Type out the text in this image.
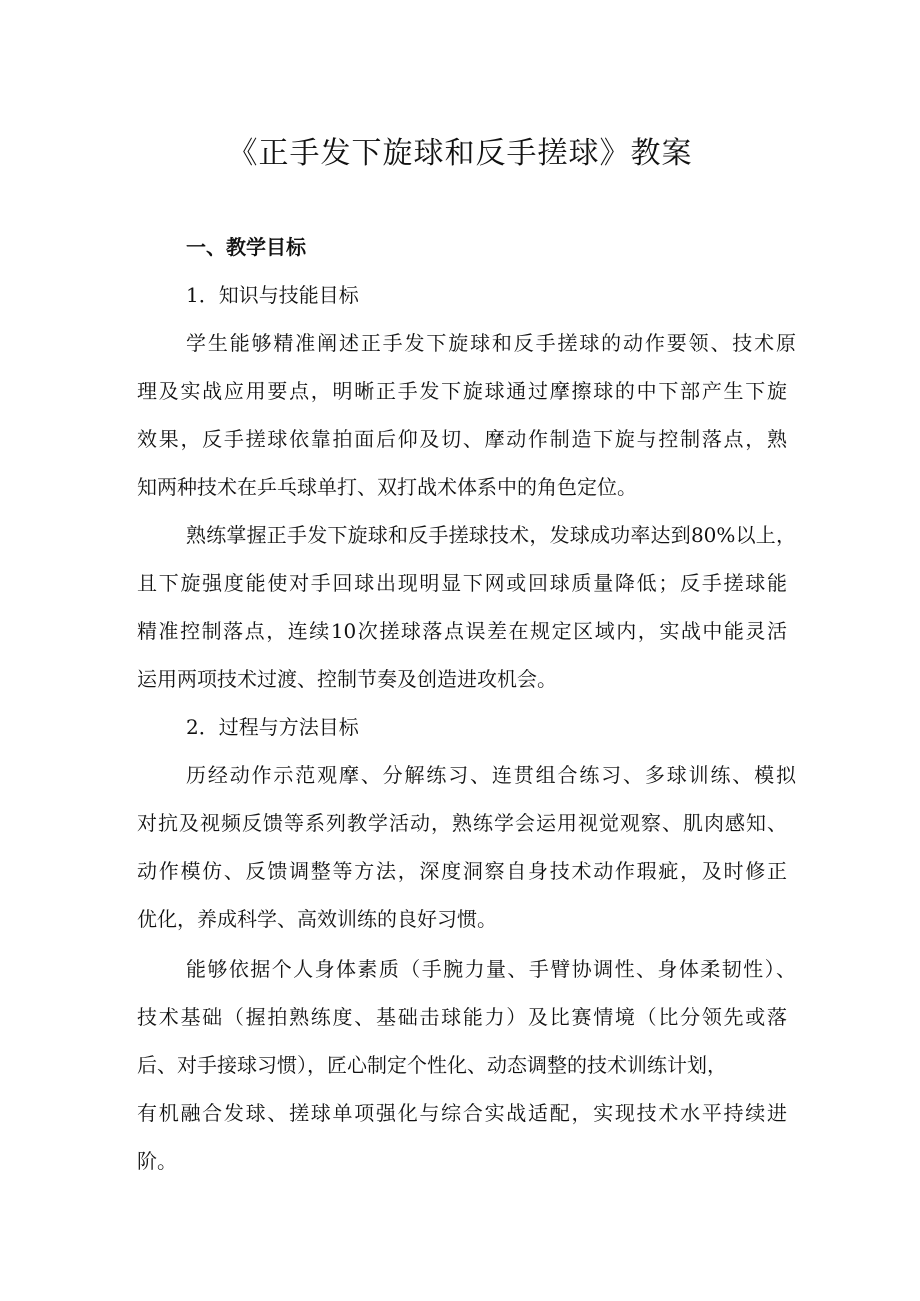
《正手发下旋球和反手搓球》教案
一、教学目标
1．知识与技能目标
学生能够精准阐述正手发下旋球和反手搓球的动作要领、技术原
理及实战应用要点，明晰正手发下旋球通过摩擦球的中下部产生下旋
效果，反手搓球依靠拍面后仰及切、摩动作制造下旋与控制落点，熟
知两种技术在乒乓球单打、双打战术体系中的角色定位。
熟练掌握正手发下旋球和反手搓球技术，发球成功率达到80%以上，
且下旋强度能使对手回球出现明显下网或回球质量降低；反手搓球能
精准控制落点，连续10次搓球落点误差在规定区域内，实战中能灵活
运用两项技术过渡、控制节奏及创造进攻机会。
2．过程与方法目标
历经动作示范观摩、分解练习、连贯组合练习、多球训练、模拟
对抗及视频反馈等系列教学活动，熟练学会运用视觉观察、肌肉感知、
动作模仿、反馈调整等方法，深度洞察自身技术动作瑕疵，及时修正
优化，养成科学、高效训练的良好习惯。
能够依据个人身体素质（手腕力量、手臂协调性、身体柔韧性）、
技术基础（握拍熟练度、基础击球能力）及比赛情境（比分领先或落
后、对手接球习惯），匠心制定个性化、动态调整的技术训练计划，
有机融合发球、搓球单项强化与综合实战适配，实现技术水平持续进
阶。
